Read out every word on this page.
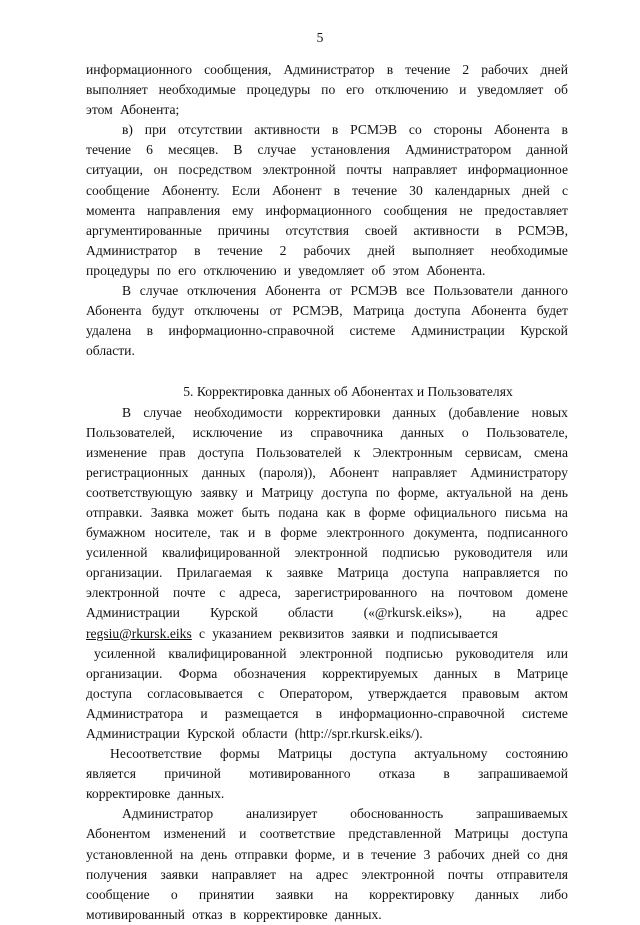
5
информационного сообщения, Администратор в течение 2 рабочих дней
выполняет необходимые процедуры по его отключению и уведомляет об
этом Абонента;
в) при отсутствии активности в РСМЭВ со стороны Абонента в
течение 6 месяцев. В случае установления Администратором данной
ситуации, он посредством электронной почты направляет информационное
сообщение Абоненту. Если Абонент в течение 30 календарных дней с
момента направления ему информационного сообщения не предоставляет
аргументированные причины отсутствия своей активности в РСМЭВ,
Администратор в течение 2 рабочих дней выполняет необходимые
процедуры по его отключению и уведомляет об этом Абонента.
В случае отключения Абонента от РСМЭВ все Пользователи данного
Абонента будут отключены от РСМЭВ, Матрица доступа Абонента будет
удалена в информационно-справочной системе Администрации Курской
области.
5. Корректировка данных об Абонентах и Пользователях
В случае необходимости корректировки данных (добавление новых
Пользователей, исключение из справочника данных о Пользователе,
изменение прав доступа Пользователей к Электронным сервисам, смена
регистрационных данных (пароля)), Абонент направляет Администратору
соответствующую заявку и Матрицу доступа по форме, актуальной на день
отправки. Заявка может быть подана как в форме официального письма на
бумажном носителе, так и в форме электронного документа, подписанного
усиленной квалифицированной электронной подписью руководителя или
организации. Прилагаемая к заявке Матрица доступа направляется по
электронной почте с адреса, зарегистрированного на почтовом домене
Администрации Курской области («@rkursk.eiks»), на адрес
regsiu@rkursk.eiks с указанием реквизитов заявки и подписывается
усиленной квалифицированной электронной подписью руководителя или
организации. Форма обозначения корректируемых данных в Матрице
доступа согласовывается с Оператором, утверждается правовым актом
Администратора и размещается в информационно-справочной системе
Администрации Курской области (http://spr.rkursk.eiks/).
Несоответствие формы Матрицы доступа актуальному состоянию
является причиной мотивированного отказа в запрашиваемой
корректировке данных.
Администратор анализирует обоснованность запрашиваемых
Абонентом изменений и соответствие представленной Матрицы доступа
установленной на день отправки форме, и в течение 3 рабочих дней со дня
получения заявки направляет на адрес электронной почты отправителя
сообщение о принятии заявки на корректировку данных либо
мотивированный отказ в корректировке данных.
